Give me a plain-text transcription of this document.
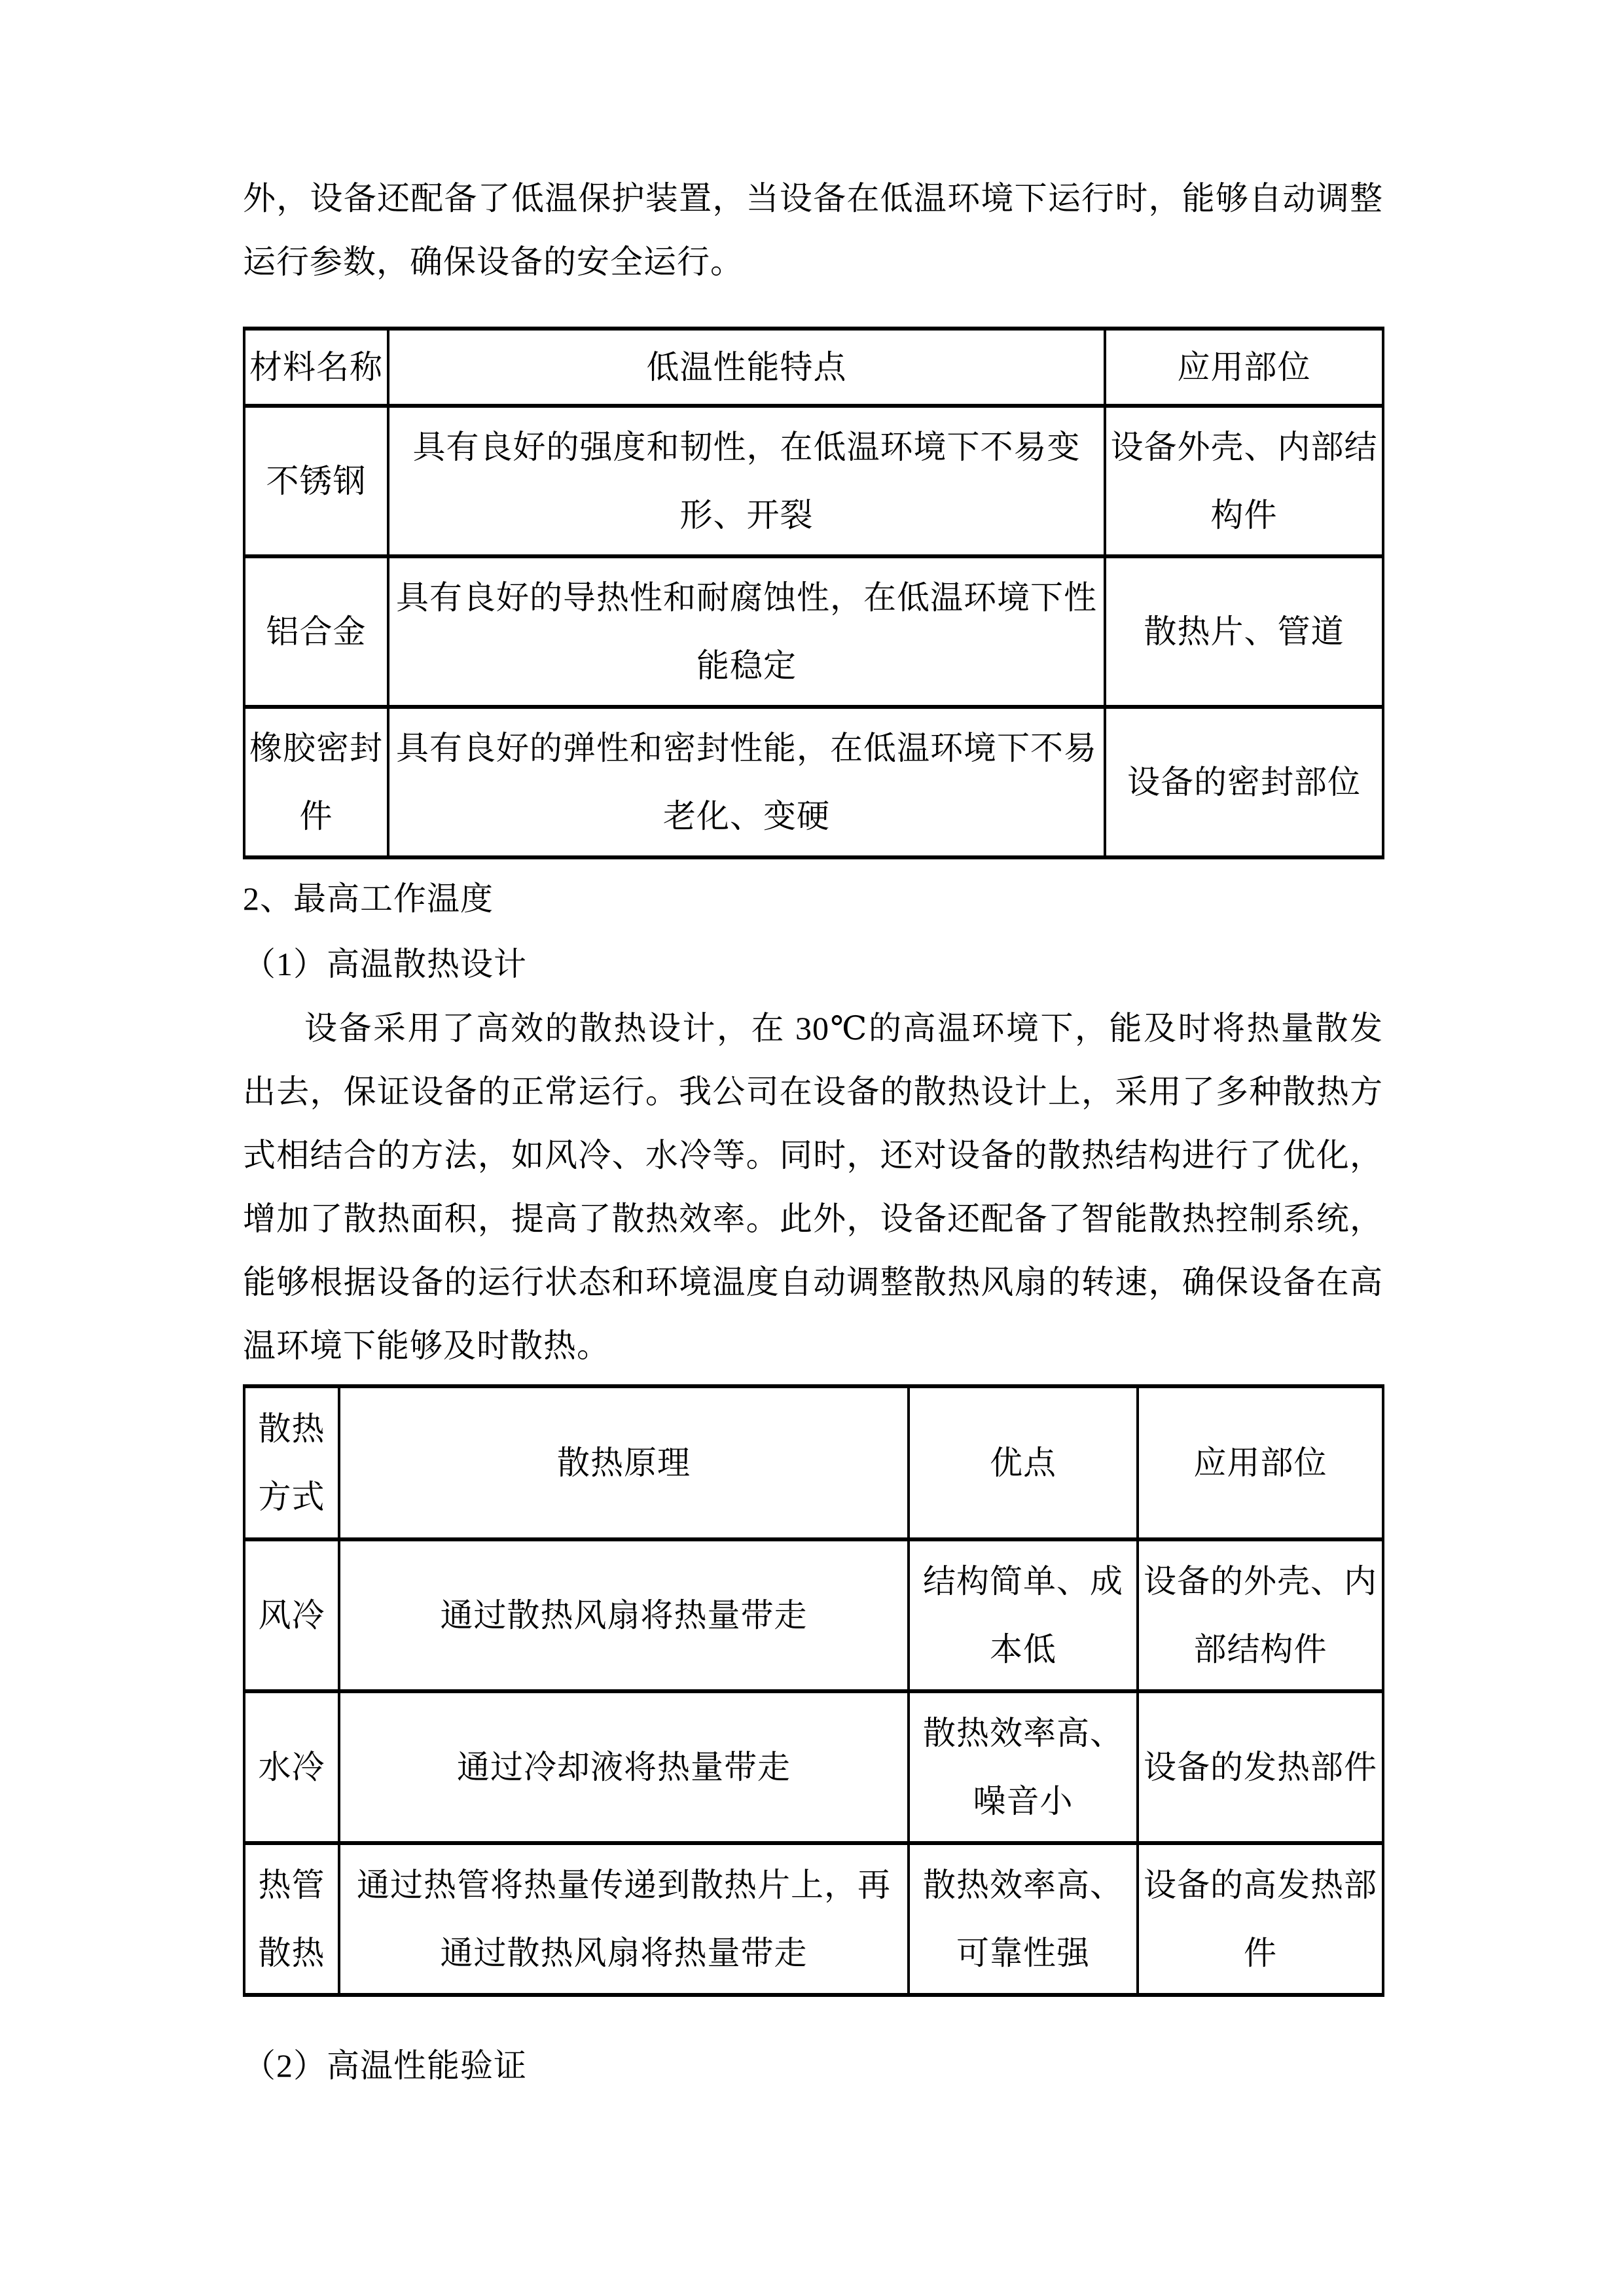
外，设备还配备了低温保护装置，当设备在低温环境下运行时，能够自动调整运行参数，确保设备的安全运行。

材料名称	低温性能特点	应用部位
不锈钢	具有良好的强度和韧性，在低温环境下不易变形、开裂	设备外壳、内部结构件
铝合金	具有良好的导热性和耐腐蚀性，在低温环境下性能稳定	散热片、管道
橡胶密封件	具有良好的弹性和密封性能，在低温环境下不易老化、变硬	设备的密封部位

2、最高工作温度

（1）高温散热设计

设备采用了高效的散热设计，在 30℃的高温环境下，能及时将热量散发出去，保证设备的正常运行。我公司在设备的散热设计上，采用了多种散热方式相结合的方法，如风冷、水冷等。同时，还对设备的散热结构进行了优化，增加了散热面积，提高了散热效率。此外，设备还配备了智能散热控制系统，能够根据设备的运行状态和环境温度自动调整散热风扇的转速，确保设备在高温环境下能够及时散热。

散热方式	散热原理	优点	应用部位
风冷	通过散热风扇将热量带走	结构简单、成本低	设备的外壳、内部结构件
水冷	通过冷却液将热量带走	散热效率高、噪音小	设备的发热部件
热管散热	通过热管将热量传递到散热片上，再通过散热风扇将热量带走	散热效率高、可靠性强	设备的高发热部件

（2）高温性能验证
